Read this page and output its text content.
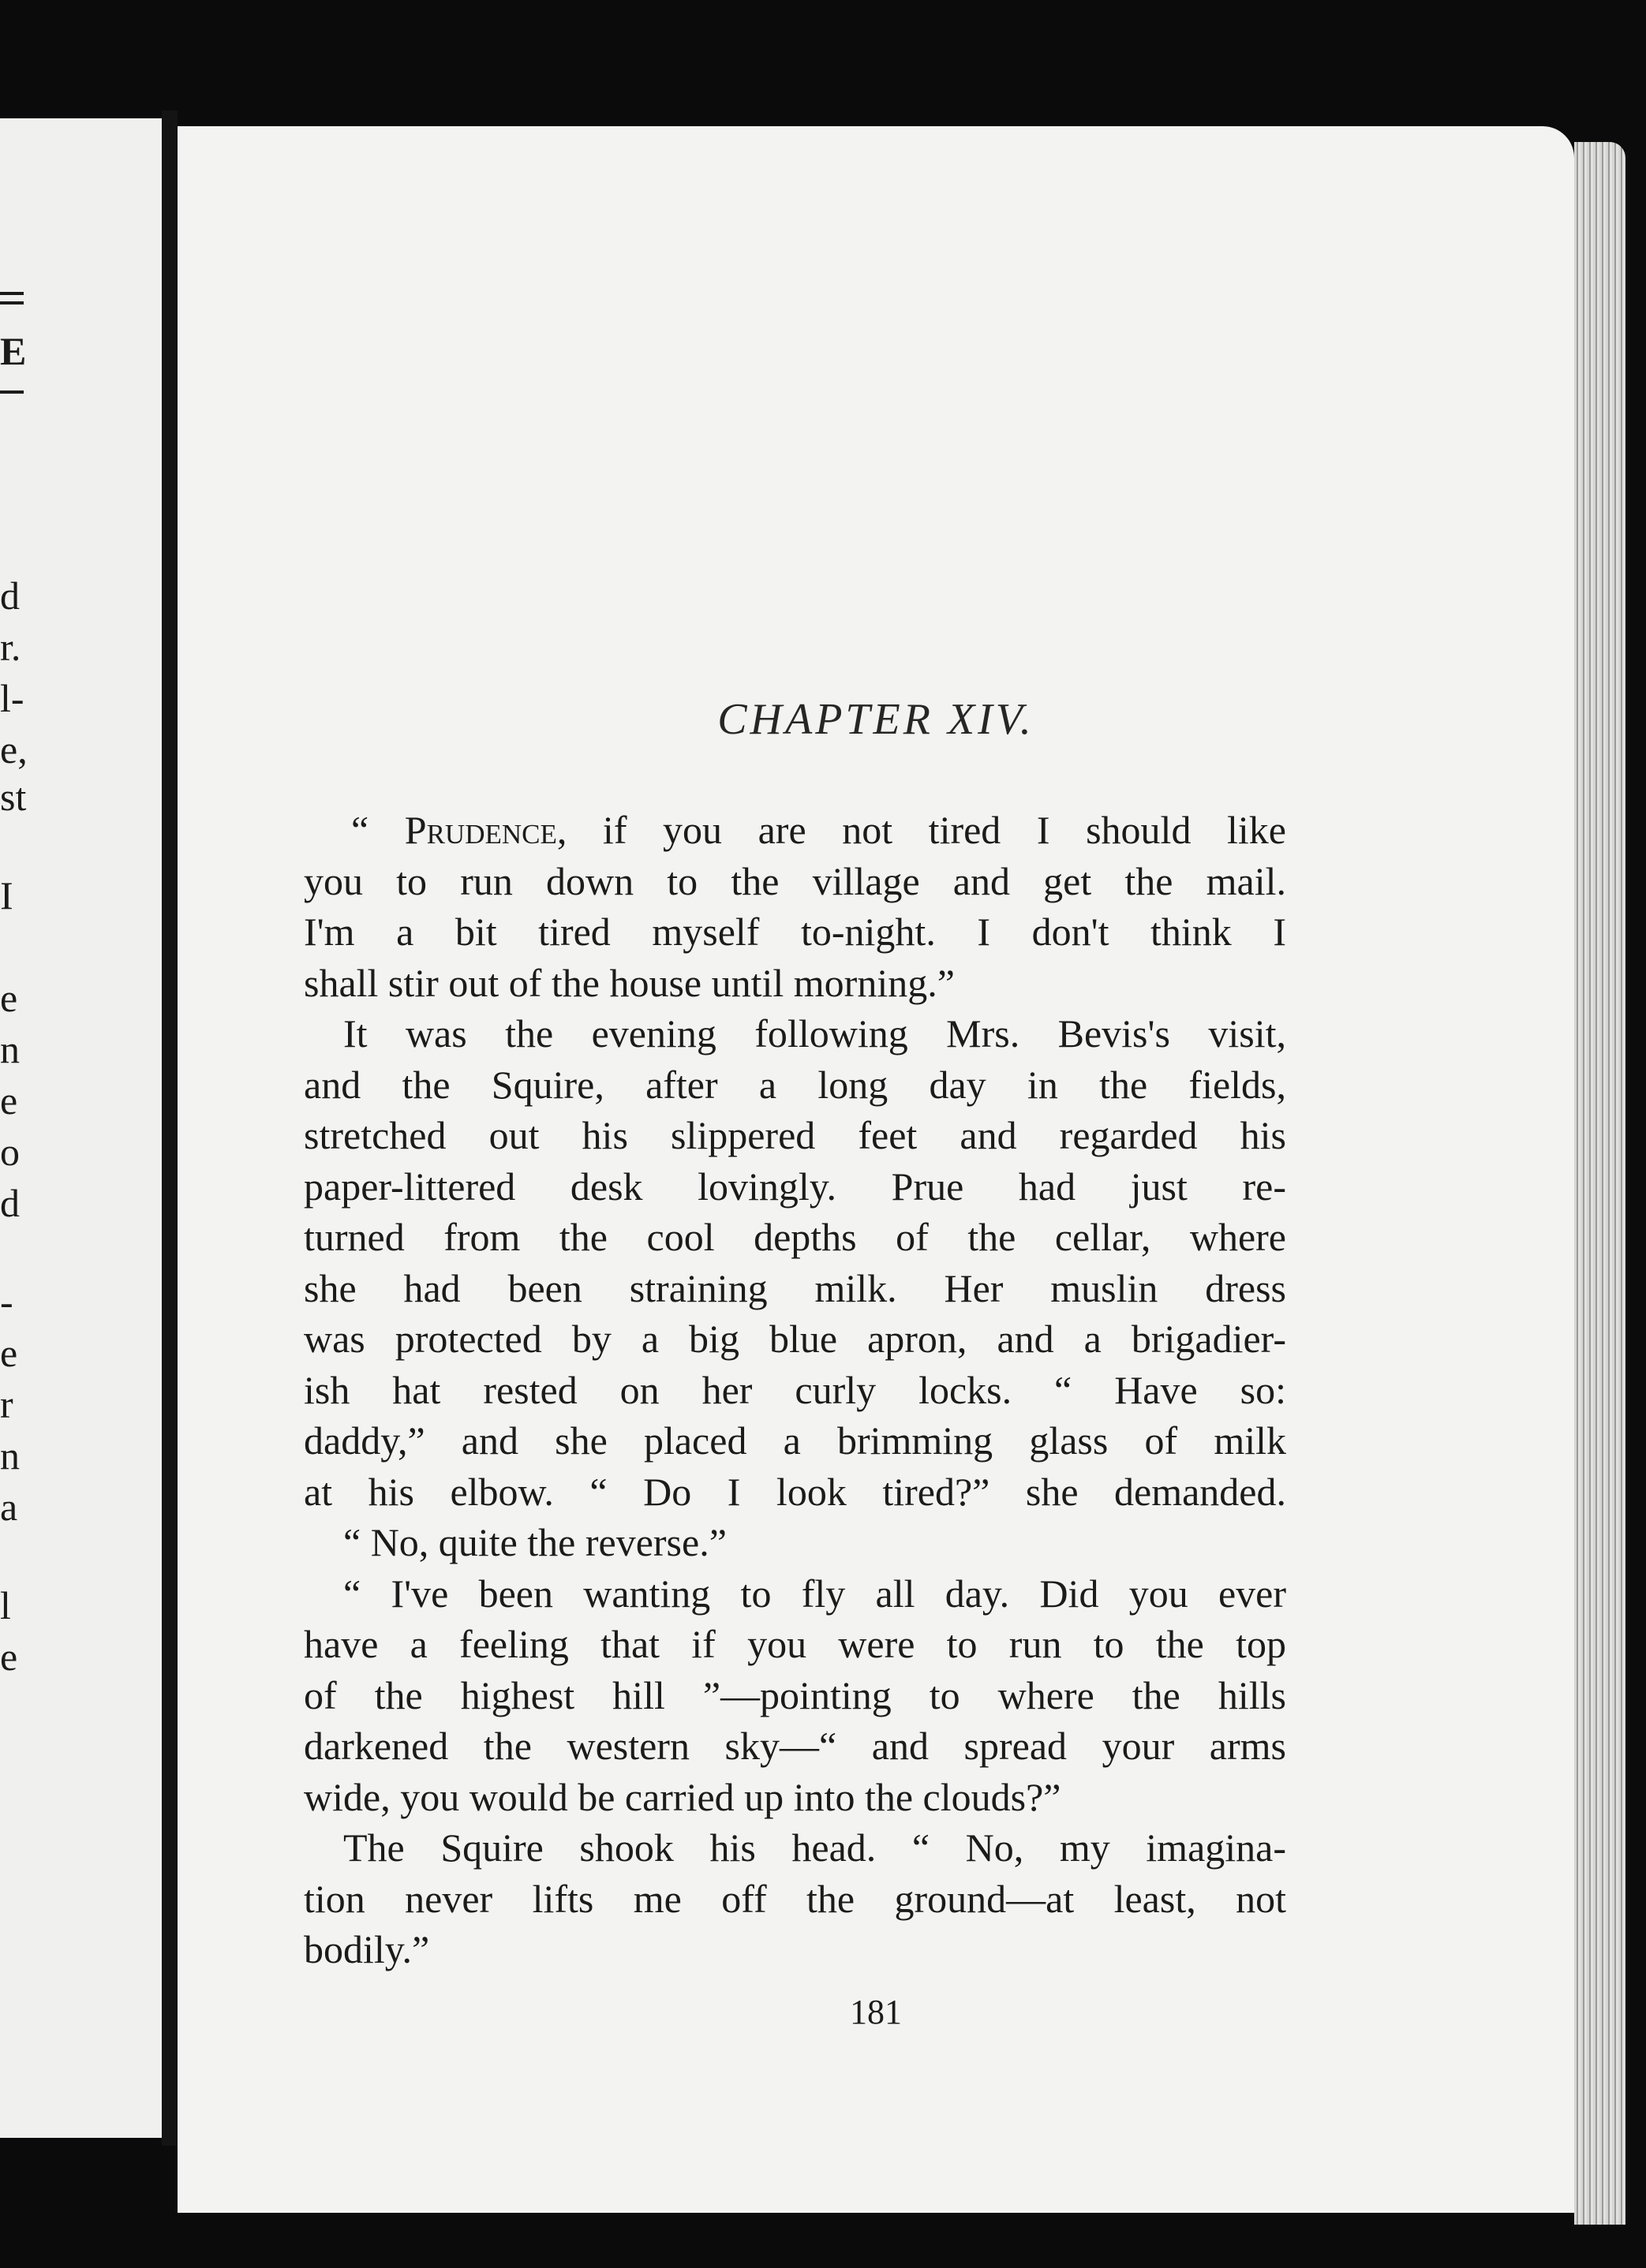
E
d
r.
l-
e,
st
I
e
n
e
o
d
-
e
r
n
a
l
e
CHAPTER XIV.
“ Prudence, if you are not tired I should like
you to run down to the village and get the mail.
I'm a bit tired myself to-night. I don't think I
shall stir out of the house until morning.”
It was the evening following Mrs. Bevis's visit,
and the Squire, after a long day in the fields,
stretched out his slippered feet and regarded his
paper-littered desk lovingly. Prue had just re-
turned from the cool depths of the cellar, where
she had been straining milk. Her muslin dress
was protected by a big blue apron, and a brigadier-
ish hat rested on her curly locks. “ Have so:
daddy,” and she placed a brimming glass of milk
at his elbow. “ Do I look tired?” she demanded.
“ No, quite the reverse.”
“ I've been wanting to fly all day. Did you ever
have a feeling that if you were to run to the top
of the highest hill ”—pointing to where the hills
darkened the western sky—“ and spread your arms
wide, you would be carried up into the clouds?”
The Squire shook his head. “ No, my imagina-
tion never lifts me off the ground—at least, not
bodily.”
181
